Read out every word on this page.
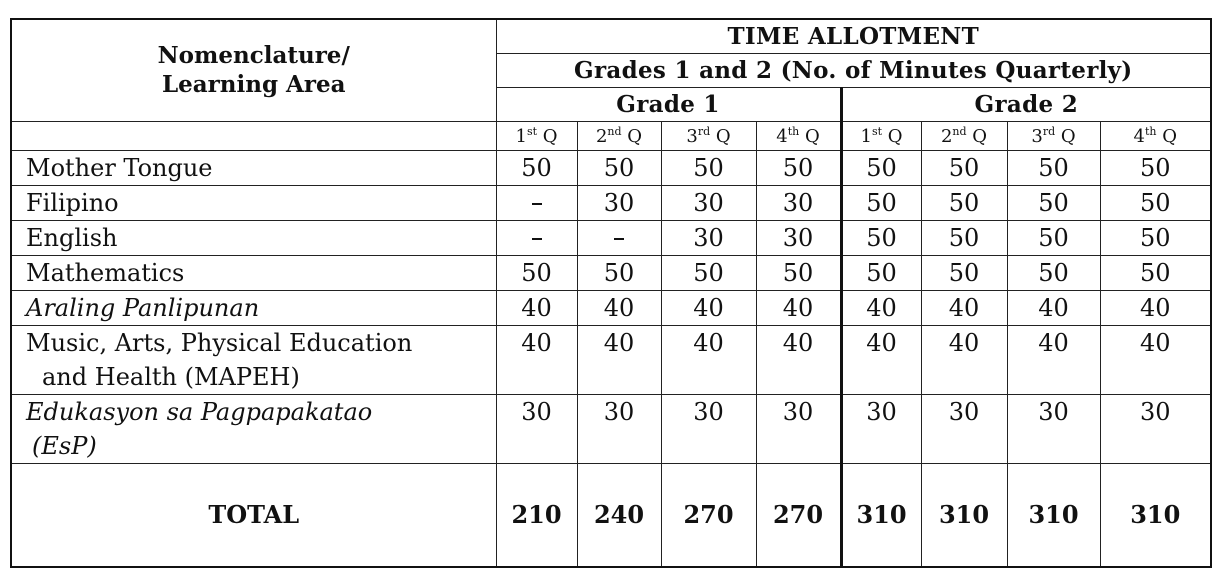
Nomenclature/
Learning Area	TIME ALLOTMENT							
	Grades 1 and 2 (No. of Minutes Quarterly)							
	Grade 1				Grade 2			
	1st Q	2nd Q	3rd Q	4th Q	1st Q	2nd Q	3rd Q	4th Q
Mother Tongue	50	50	50	50	50	50	50	50
Filipino		30	30	30	50	50	50	50
English			30	30	50	50	50	50
Mathematics	50	50	50	50	50	50	50	50
Araling Panlipunan	40	40	40	40	40	40	40	40
Music, Arts, Physical Education
and Health (MAPEH)	40	40	40	40	40	40	40	40
Edukasyon sa Pagpapakatao
(EsP)	30	30	30	30	30	30	30	30
TOTAL	210	240	270	270	310	310	310	310
